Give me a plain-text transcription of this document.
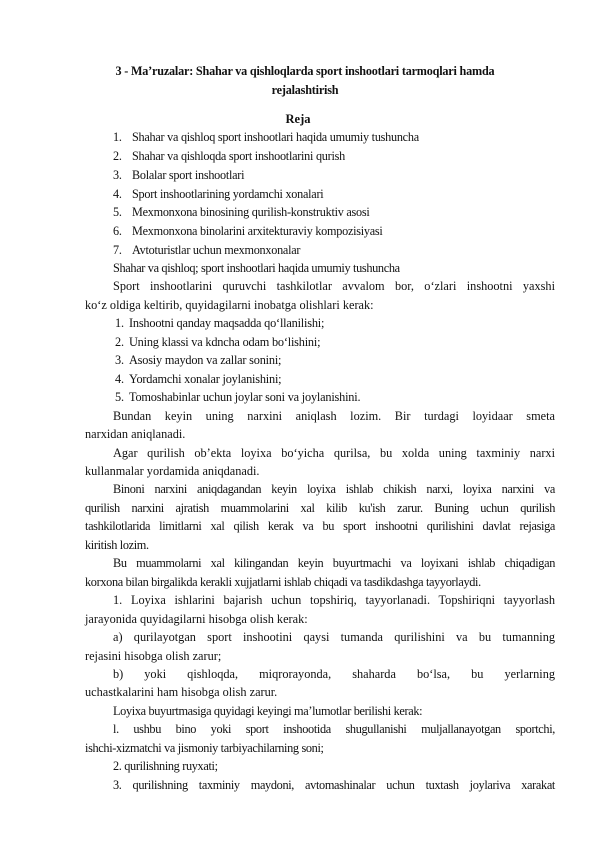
3 - Ma’ruzalar: Shahar va qishloqlarda sport inshootlari tarmoqlari hamda
rejalashtirish
Reja
1. Shahar va qishloq sport inshootlari haqida umumiy tushuncha
2. Shahar va qishloqda sport inshootlarini qurish
3. Bolalar sport inshootlari
4. Sport inshootlarining yordamchi xonalari
5. Mexmonxona binosining qurilish-konstruktiv asosi
6. Mexmonxona binolarini arxitekturaviy kompozisiyasi
7. Avtoturistlar uchun mexmonxonalar
Shahar va qishloq; sport inshootlari haqida umumiy tushuncha
Sport inshootlarini quruvchi tashkilotlar avvalom bor, o‘zlari inshootni yaxshi
ko‘z oldiga keltirib, quyidagilarni inobatga olishlari kerak:
1. Inshootni qanday maqsadda qo‘llanilishi;
2. Uning klassi va kdncha odam bo‘lishini;
3. Asosiy maydon va zallar sonini;
4. Yordamchi xonalar joylanishini;
5. Tomoshabinlar uchun joylar soni va joylanishini.
Bundan keyin uning narxini aniqlash lozim. Bir turdagi loyidaar smeta
narxidan aniqlanadi.
Agar qurilish ob’ekta loyixa bo‘yicha qurilsa, bu xolda uning taxminiy narxi
kullanmalar yordamida aniqdanadi.
Binoni narxini aniqdagandan keyin loyixa ishlab chikish narxi, loyixa narxini va
qurilish narxini ajratish muammolarini xal kilib ku'ish zarur. Buning uchun qurilish
tashkilotlarida limitlarni xal qilish kerak va bu sport inshootni qurilishini davlat rejasiga
kiritish lozim.
Bu muammolarni xal kilingandan keyin buyurtmachi va loyixani ishlab chiqadigan
korxona bilan birgalikda kerakli xujjatlarni ishlab chiqadi va tasdikdashga tayyorlaydi.
1. Loyixa ishlarini bajarish uchun topshiriq, tayyorlanadi. Topshiriqni tayyorlash
jarayonida quyidagilarni hisobga olish kerak:
a) qurilayotgan sport inshootini qaysi tumanda qurilishini va bu tumanning
rejasini hisobga olish zarur;
b) yoki qishloqda, miqrorayonda, shaharda bo‘lsa, bu yerlarning
uchastkalarini ham hisobga olish zarur.
Loyixa buyurtmasiga quyidagi keyingi ma’lumotlar berilishi kerak:
l. ushbu bino yoki sport inshootida shugullanishi muljallanayotgan sportchi,
ishchi-xizmatchi va jismoniy tarbiyachilarning soni;
2. qurilishning ruyxati;
3. qurilishning taxminiy maydoni, avtomashinalar uchun tuxtash joylariva xarakat
